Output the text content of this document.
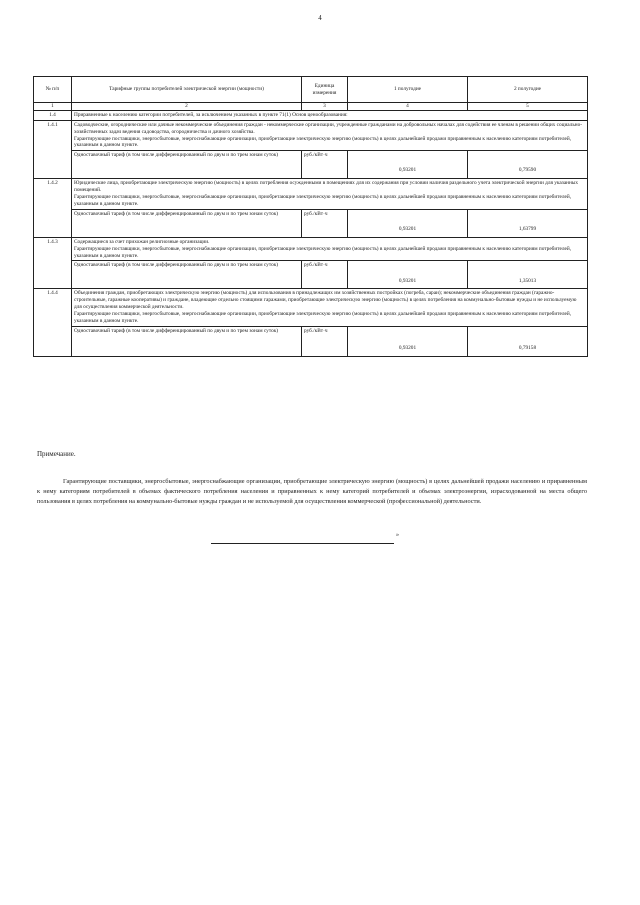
4
№ п/п	Тарифные группы потребителей электрической энергии (мощности)	Единица измерения	1 полугодие	2 полугодие
1	2	3	4	5
1.4	Приравненные к населению категории потребителей, за исключением указанных в пункте 71(1) Основ ценообразования:			
1.4.1	Садоводческие, огороднические или дачные некоммерческие объединения граждан - некоммерческие организации, учрежденные гражданами на добровольных началах для содействия ее членам в решении общих социально-хозяйственных задач ведения садоводства, огородничества и дачного хозяйства.

Гарантирующие поставщики, энергосбытовые, энергоснабжающие организации, приобретающие электрическую энергию (мощность) в целях дальнейшей продажи приравненным к населению категориям потребителей, указанным в данном пункте.			

	Одноставочный тариф (в том числе дифференцированный по двум и по трем зонам суток)	руб./кВт·ч	0,93201	0,79590
1.4.2	Юридические лица, приобретающие электрическую энергию (мощность) в целях потребления осужденными в помещениях для их содержания при условии наличия раздельного учета электрической энергии для указанных помещений.

Гарантирующие поставщики, энергосбытовые, энергоснабжающие организации, приобретающие электрическую энергию (мощность) в целях дальнейшей продажи приравненным к населению категориям потребителей, указанным в данном пункте.			

	Одноставочный тариф (в том числе дифференцированный по двум и по трем зонам суток)	руб./кВт·ч	0,93201	1,63799
1.4.3	Содержащиеся за счет прихожан религиозные организации.

Гарантирующие поставщики, энергосбытовые, энергоснабжающие организации, приобретающие электрическую энергию (мощность) в целях дальнейшей продажи приравненным к населению категориям потребителей, указанным в данном пункте.			

	Одноставочный тариф (в том числе дифференцированный по двум и по трем зонам суток)	руб./кВт·ч	0,93201	1,35013
1.4.4	Объединения граждан, приобретающих электрическую энергию (мощность) для использования в принадлежащих им хозяйственных постройках (погреба, сараи); некоммерческие объединения граждан (гаражно-строительные, гаражные кооперативы) и граждане, владеющие отдельно стоящими гаражами, приобретающие электрическую энергию (мощность) в целях потребления на коммунально-бытовые нужды и не используемую для осуществления коммерческой деятельности.

Гарантирующие поставщики, энергосбытовые, энергоснабжающие организации, приобретающие электрическую энергию (мощность) в целях дальнейшей продажи приравненным к населению категориям потребителей, указанным в данном пункте.			

	Одноставочный тариф (в том числе дифференцированный по двум и по трем зонам суток)	руб./кВт·ч	0,93201	0,79158
Примечание.

Гарантирующие поставщики, энергосбытовые, энергоснабжающие организации, приобретающие электрическую энергию (мощность) в целях дальнейшей продажи населению и приравненным к нему категориям потребителей в объемах фактического потребления населения и приравненных к нему категорий потребителей и объемах электроэнергии, израсходованной на места общего пользования в целях потребления на коммунально-бытовые нужды граждан и не используемой для осуществления коммерческой (профессиональной) деятельности.

»
